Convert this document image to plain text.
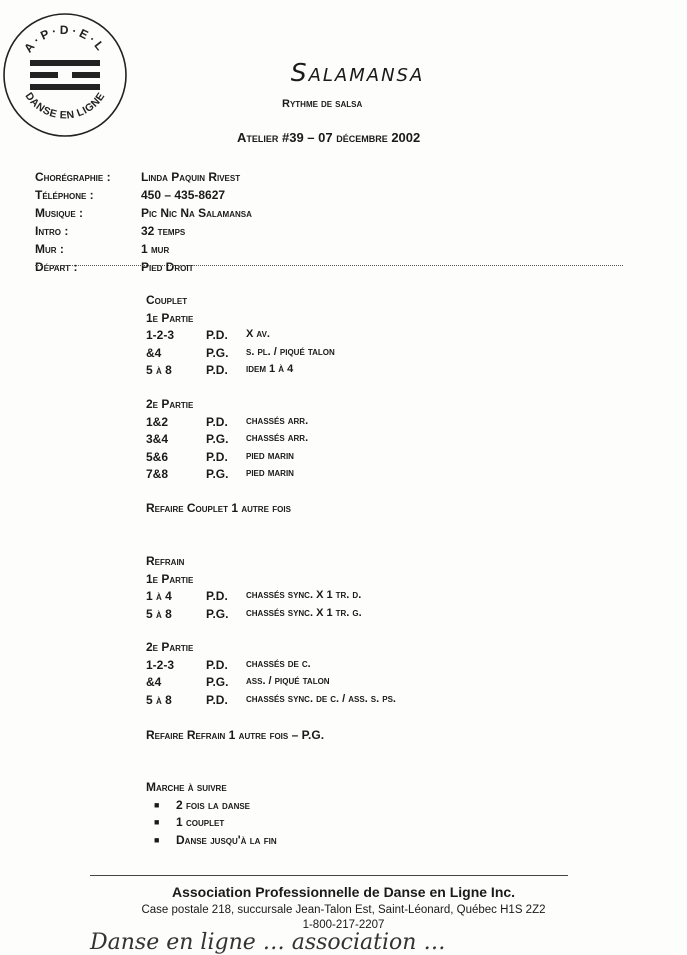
A·P·D·E·L
DANSE EN LIGNE
Salamansa
Rythme de salsa
Atelier #39 – 07 décembre 2002
Chorégraphie :	Linda Paquin Rivest
Téléphone :	450 – 435-8627
Musique :	Pic Nic Na Salamansa
Intro :	32 temps
Mur :	1 mur
Départ :	Pied Droit
Couplet
1e Partie
1-2-3	P.D. X av.
&4	P.G. s. pl. / piqué talon
5 à 8	P.D. idem 1 à 4
2e Partie
1&2	P.D. chassés arr.
3&4	P.G. chassés arr.
5&6	P.D. pied marin
7&8	P.G. pied marin
Refaire Couplet 1 autre fois
Refrain
1e Partie
1 à 4	P.D. chassés sync. X 1 tr. d.
5 à 8	P.G. chassés sync. X 1 tr. g.
2e Partie
1-2-3	P.D. chassés de c.
&4	P.G. ass. / piqué talon
5 à 8	P.D. chassés sync. de c. / ass. s. ps.
Refaire Refrain 1 autre fois – P.G.
Marche à suivre
■ 2 fois la danse
■ 1 couplet
■ Danse jusqu'à la fin
Association Professionnelle de Danse en Ligne Inc.
Case postale 218, succursale Jean-Talon Est, Saint-Léonard, Québec H1S 2Z2
1-800-217-2207
Danse en ligne … association …
